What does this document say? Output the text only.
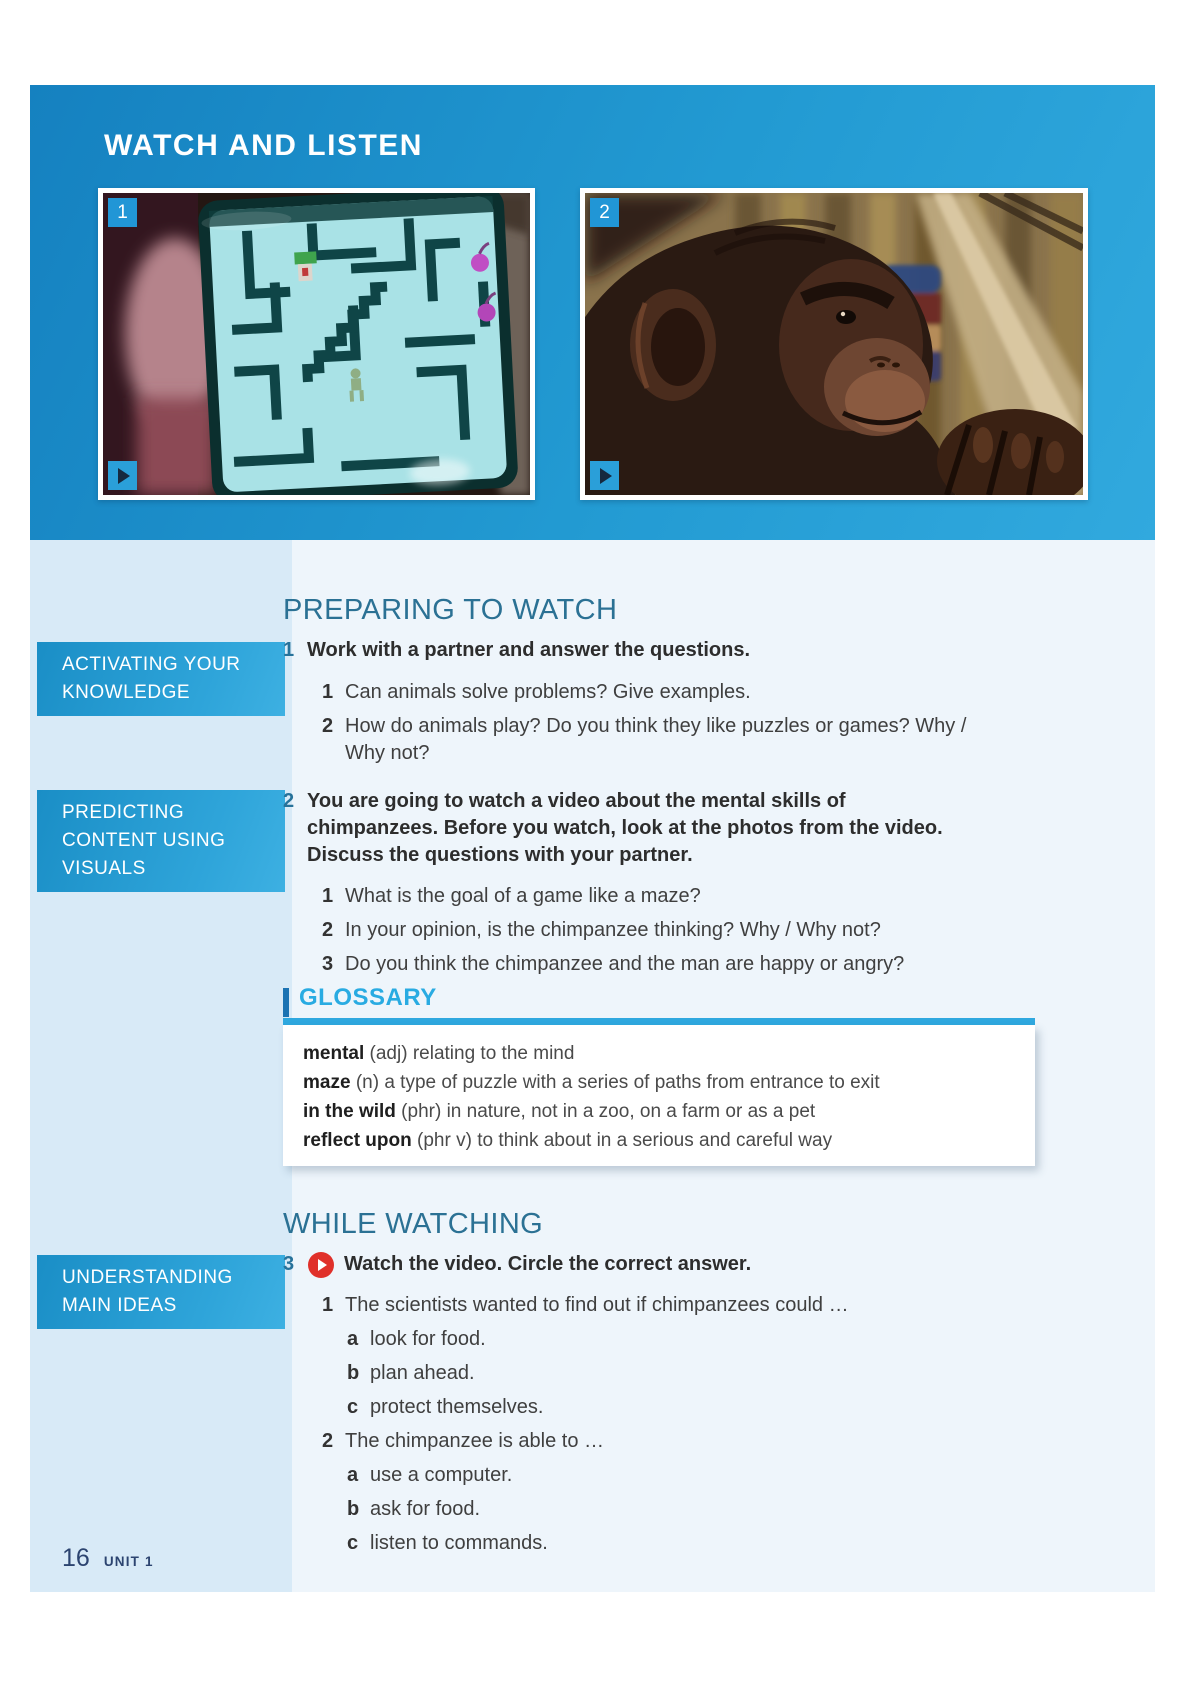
WATCH AND LISTEN
1	2
ACTIVATING YOUR KNOWLEDGE
PREDICTING CONTENT USING VISUALS
UNDERSTANDING MAIN IDEAS
PREPARING TO WATCH
1 Work with a partner and answer the questions.
1 Can animals solve problems? Give examples.
2 How do animals play? Do you think they like puzzles or games? Why / Why not?
2 You are going to watch a video about the mental skills of chimpanzees. Before you watch, look at the photos from the video. Discuss the questions with your partner.
1 What is the goal of a game like a maze?
2 In your opinion, is the chimpanzee thinking? Why / Why not?
3 Do you think the chimpanzee and the man are happy or angry?
GLOSSARY
mental (adj) relating to the mind
maze (n) a type of puzzle with a series of paths from entrance to exit
in the wild (phr) in nature, not in a zoo, on a farm or as a pet
reflect upon (phr v) to think about in a serious and careful way
WHILE WATCHING
3 Watch the video. Circle the correct answer.
1 The scientists wanted to find out if chimpanzees could …
a look for food.
b plan ahead.
c protect themselves.
2 The chimpanzee is able to …
a use a computer.
b ask for food.
c listen to commands.
16 UNIT 1
